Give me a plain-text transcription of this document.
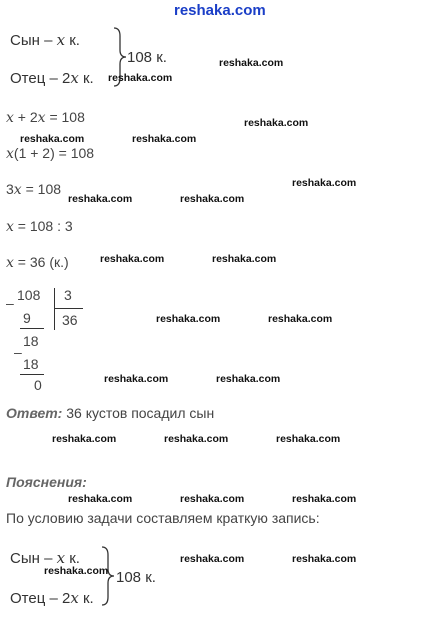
reshaka.com
Сын – x к.
Отец – 2x к.
108 к.
x + 2x = 108
x(1 + 2) = 108
3x = 108
x = 108 : 3
x = 36 (к.)
– 108 3
36
9
–
18
18
0
Ответ: 36 кустов посадил сын
Пояснения:
По условию задачи составляем краткую запись:
Сын – x к.
Отец – 2x к.
108 к.
reshaka.com
reshaka.com
reshaka.com
reshaka.com	reshaka.com
reshaka.com
reshaka.com	reshaka.com
reshaka.com	reshaka.com
reshaka.com	reshaka.com
reshaka.com	reshaka.com
reshaka.com	reshaka.com	reshaka.com
reshaka.com	reshaka.com	reshaka.com
reshaka.com	reshaka.com
reshaka.com
